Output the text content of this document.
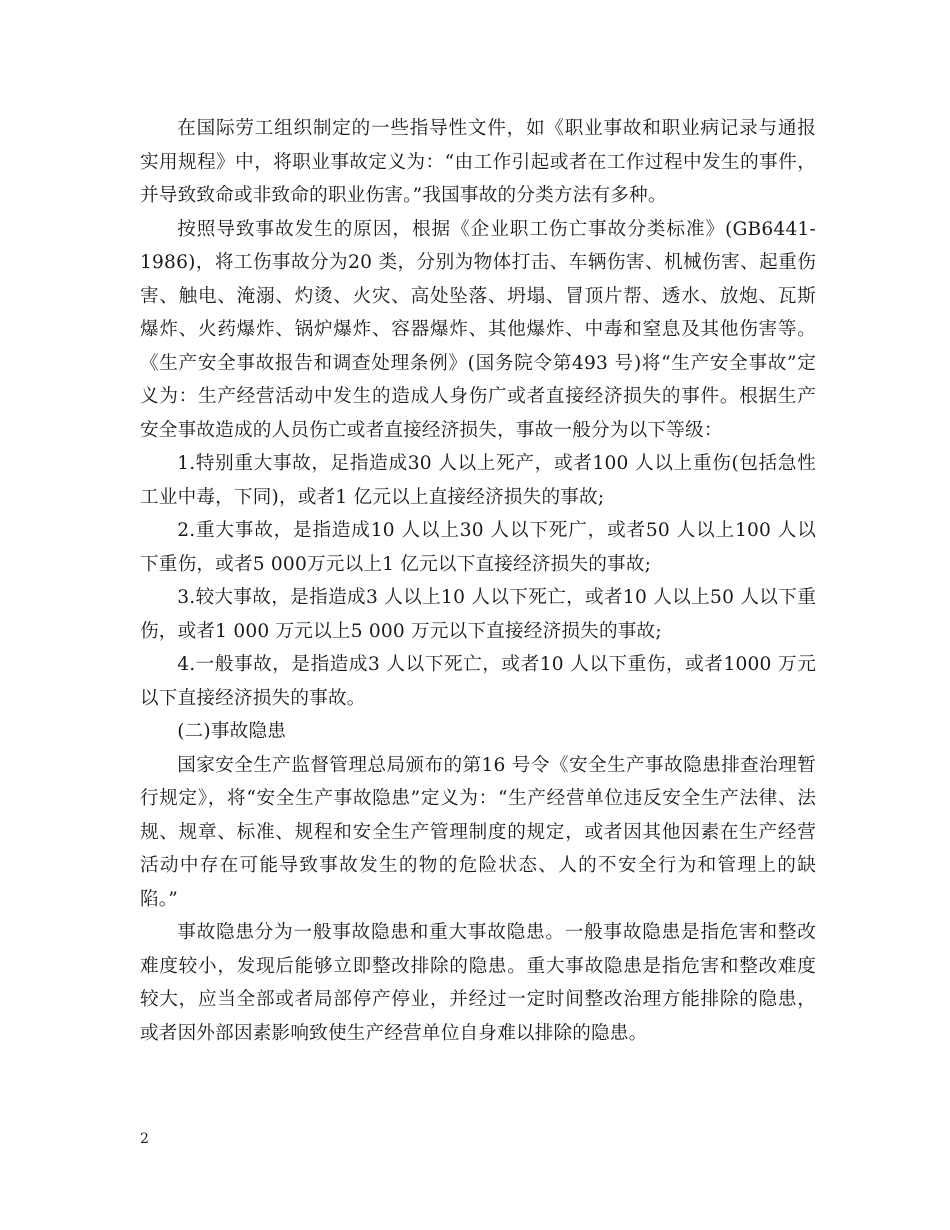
在国际劳工组织制定的一些指导性文件，如《职业事故和职业病记录与通报实用规程》中，将职业事故定义为：“由工作引起或者在工作过程中发生的事件，并导致致命或非致命的职业伤害。”我国事故的分类方法有多种。

按照导致事故发生的原因，根据《企业职工伤亡事故分类标准》(GB6441-1986)，将工伤事故分为20 类，分别为物体打击、车辆伤害、机械伤害、起重伤害、触电、淹溺、灼烫、火灾、高处坠落、坍塌、冒顶片帮、透水、放炮、瓦斯爆炸、火药爆炸、锅炉爆炸、容器爆炸、其他爆炸、中毒和窒息及其他伤害等。《生产安全事故报告和调查处理条例》(国务院令第493 号)将“生产安全事故”定义为：生产经营活动中发生的造成人身伤广或者直接经济损失的事件。根据生产安全事故造成的人员伤亡或者直接经济损失，事故一般分为以下等级：

1.特别重大事故，足指造成30 人以上死产，或者100 人以上重伤(包括急性工业中毒，下同)，或者1 亿元以上直接经济损失的事故;

2.重大事故，是指造成10 人以上30 人以下死广，或者50 人以上100 人以下重伤，或者5 000万元以上1 亿元以下直接经济损失的事故;

3.较大事故，是指造成3 人以上10 人以下死亡，或者10 人以上50 人以下重伤，或者1 000 万元以上5 000 万元以下直接经济损失的事故;

4.一般事故，是指造成3 人以下死亡，或者10 人以下重伤，或者1000 万元以下直接经济损失的事故。

(二)事故隐患

国家安全生产监督管理总局颁布的第16 号令《安全生产事故隐患排查治理暂行规定》，将“安全生产事故隐患”定义为：“生产经营单位违反安全生产法律、法规、规章、标准、规程和安全生产管理制度的规定，或者因其他因素在生产经营活动中存在可能导致事故发生的物的危险状态、人的不安全行为和管理上的缺陷。”

事故隐患分为一般事故隐患和重大事故隐患。一般事故隐患是指危害和整改难度较小，发现后能够立即整改排除的隐患。重大事故隐患是指危害和整改难度较大，应当全部或者局部停产停业，并经过一定时间整改治理方能排除的隐患，或者因外部因素影响致使生产经营单位自身难以排除的隐患。

2
